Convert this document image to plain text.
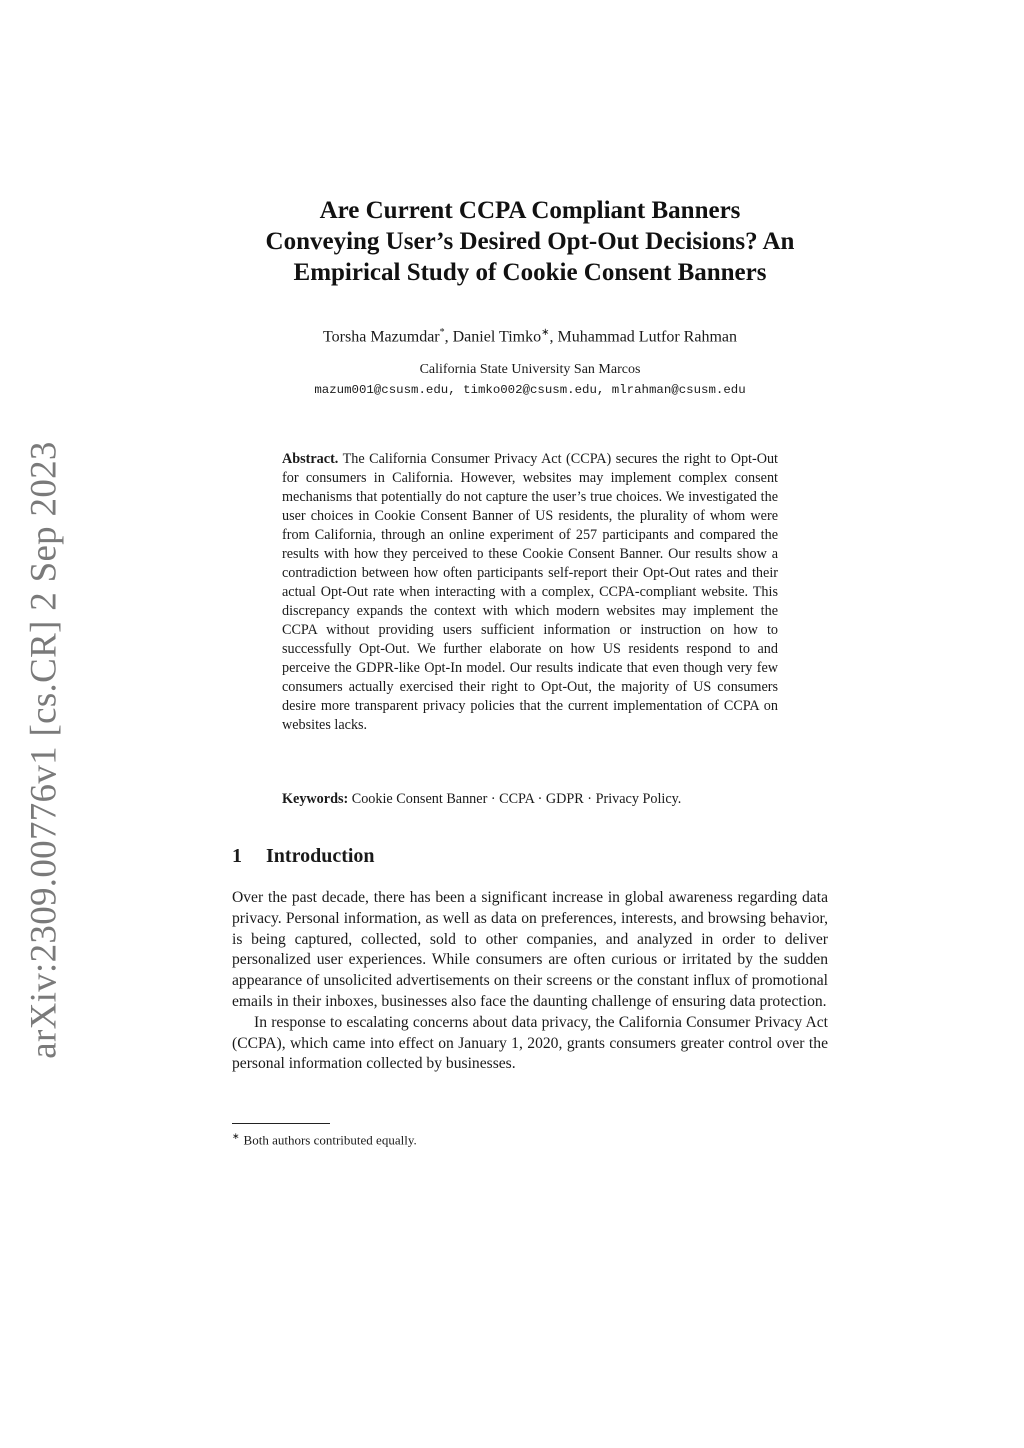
arXiv:2309.00776v1 [cs.CR] 2 Sep 2023
Are Current CCPA Compliant Banners
Conveying User’s Desired Opt-Out Decisions? An
Empirical Study of Cookie Consent Banners
Torsha Mazumdar*, Daniel Timko∗, Muhammad Lutfor Rahman
California State University San Marcos
mazum001@csusm.edu, timko002@csusm.edu, mlrahman@csusm.edu
Abstract. The California Consumer Privacy Act (CCPA) secures the right to Opt-Out for consumers in California. However, websites may implement complex consent mechanisms that potentially do not capture the user’s true choices. We investigated the user choices in Cookie Consent Banner of US residents, the plurality of whom were from California, through an online experiment of 257 participants and compared the results with how they perceived to these Cookie Consent Banner. Our results show a contradiction between how often participants self-report their Opt-Out rates and their actual Opt-Out rate when interacting with a complex, CCPA-compliant website. This discrepancy expands the context with which modern websites may implement the CCPA without providing users sufficient information or instruction on how to successfully Opt-Out. We further elaborate on how US residents respond to and perceive the GDPR-like Opt-In model. Our results indicate that even though very few consumers actually exercised their right to Opt-Out, the majority of US consumers desire more transparent privacy policies that the current implementation of CCPA on websites lacks.
Keywords: Cookie Consent Banner · CCPA · GDPR · Privacy Policy.
1 Introduction

Over the past decade, there has been a significant increase in global awareness regarding data privacy. Personal information, as well as data on preferences, interests, and browsing behavior, is being captured, collected, sold to other companies, and analyzed in order to deliver personalized user experiences. While consumers are often curious or irritated by the sudden appearance of unsolicited advertisements on their screens or the constant influx of promotional emails in their inboxes, businesses also face the daunting challenge of ensuring data protection.

In response to escalating concerns about data privacy, the California Consumer Privacy Act (CCPA), which came into effect on January 1, 2020, grants consumers greater control over the personal information collected by businesses.

∗ Both authors contributed equally.
